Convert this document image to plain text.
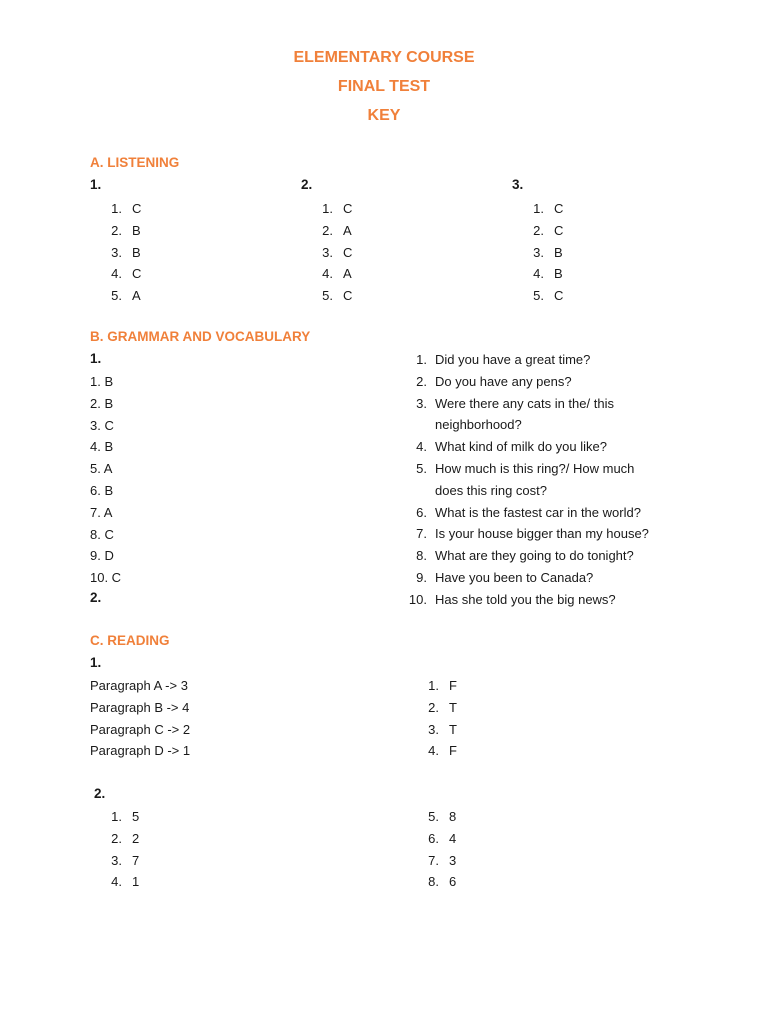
ELEMENTARY COURSE
FINAL TEST
KEY
A. LISTENING
1.
1. C
2. B
3. B
4. C
5. A
2.
1. C
2. A
3. C
4. A
5. C
3.
1. C
2. C
3. B
4. B
5. C
B. GRAMMAR AND VOCABULARY
1.
1. B
2. B
3. C
4. B
5. A
6. B
7. A
8. C
9. D
10. C
2.
1. Did you have a great time?
2. Do you have any pens?
3. Were there any cats in the/ this neighborhood?
4. What kind of milk do you like?
5. How much is this ring?/ How much does this ring cost?
6. What is the fastest car in the world?
7. Is your house bigger than my house?
8. What are they going to do tonight?
9. Have you been to Canada?
10. Has she told you the big news?
C. READING
1.
Paragraph A -> 3
Paragraph B -> 4
Paragraph C -> 2
Paragraph D -> 1
1. F
2. T
3. T
4. F
2.
1. 5
2. 2
3. 7
4. 1
5. 8
6. 4
7. 3
8. 6
